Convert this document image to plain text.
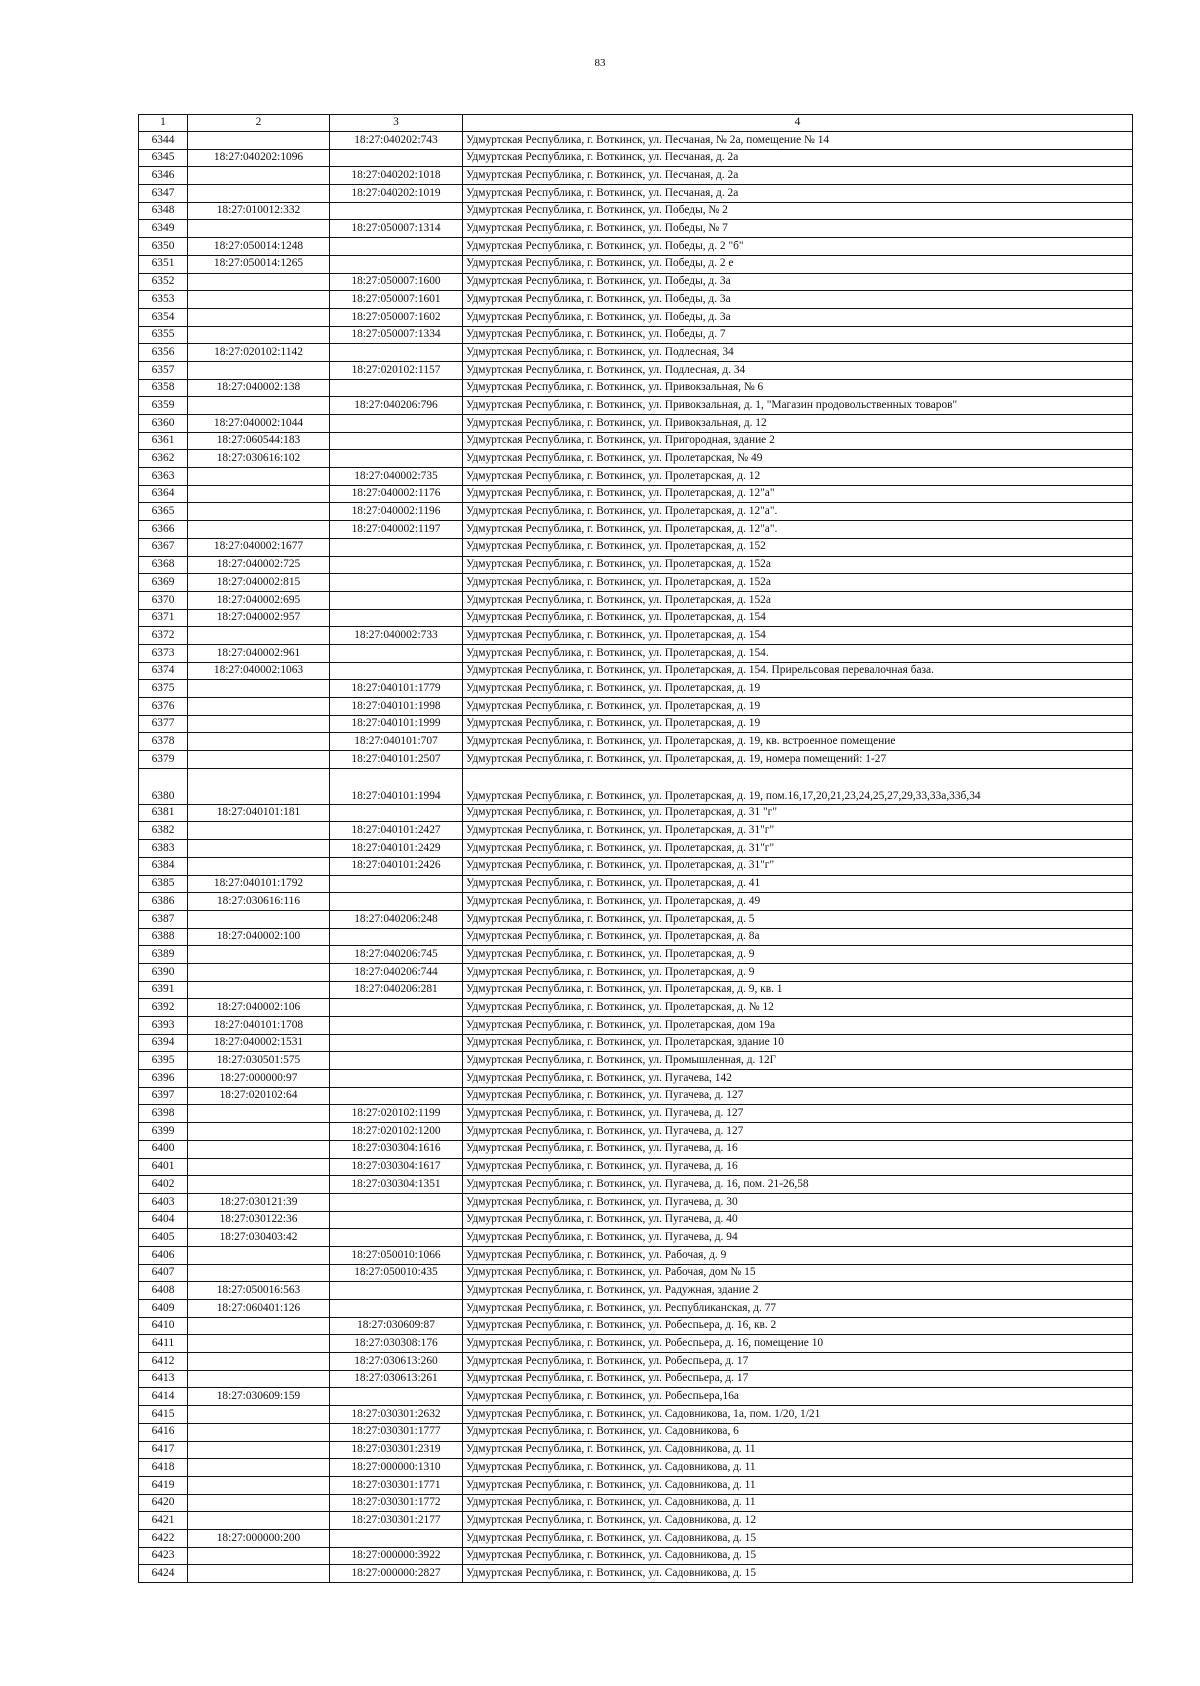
83
1	2	3	4
6344		18:27:040202:743	Удмуртская Республика, г. Воткинск, ул. Песчаная, № 2а, помещение № 14
6345	18:27:040202:1096		Удмуртская Республика, г. Воткинск, ул. Песчаная, д. 2а
6346		18:27:040202:1018	Удмуртская Республика, г. Воткинск, ул. Песчаная, д. 2а
6347		18:27:040202:1019	Удмуртская Республика, г. Воткинск, ул. Песчаная, д. 2а
6348	18:27:010012:332		Удмуртская Республика, г. Воткинск, ул. Победы, № 2
6349		18:27:050007:1314	Удмуртская Республика, г. Воткинск, ул. Победы, № 7
6350	18:27:050014:1248		Удмуртская Республика, г. Воткинск, ул. Победы, д. 2 "б"
6351	18:27:050014:1265		Удмуртская Республика, г. Воткинск, ул. Победы, д. 2 е
6352		18:27:050007:1600	Удмуртская Республика, г. Воткинск, ул. Победы, д. 3а
6353		18:27:050007:1601	Удмуртская Республика, г. Воткинск, ул. Победы, д. 3а
6354		18:27:050007:1602	Удмуртская Республика, г. Воткинск, ул. Победы, д. 3а
6355		18:27:050007:1334	Удмуртская Республика, г. Воткинск, ул. Победы, д. 7
6356	18:27:020102:1142		Удмуртская Республика, г. Воткинск, ул. Подлесная, 34
6357		18:27:020102:1157	Удмуртская Республика, г. Воткинск, ул. Подлесная, д. 34
6358	18:27:040002:138		Удмуртская Республика, г. Воткинск, ул. Привокзальная, № 6
6359		18:27:040206:796	Удмуртская Республика, г. Воткинск, ул. Привокзальная, д. 1, "Магазин продовольственных товаров"
6360	18:27:040002:1044		Удмуртская Республика, г. Воткинск, ул. Привокзальная, д. 12
6361	18:27:060544:183		Удмуртская Республика, г. Воткинск, ул. Пригородная, здание 2
6362	18:27:030616:102		Удмуртская Республика, г. Воткинск, ул. Пролетарская, № 49
6363		18:27:040002:735	Удмуртская Республика, г. Воткинск, ул. Пролетарская, д. 12
6364		18:27:040002:1176	Удмуртская Республика, г. Воткинск, ул. Пролетарская, д. 12"а"
6365		18:27:040002:1196	Удмуртская Республика, г. Воткинск, ул. Пролетарская, д. 12"а".
6366		18:27:040002:1197	Удмуртская Республика, г. Воткинск, ул. Пролетарская, д. 12"а".
6367	18:27:040002:1677		Удмуртская Республика, г. Воткинск, ул. Пролетарская, д. 152
6368	18:27:040002:725		Удмуртская Республика, г. Воткинск, ул. Пролетарская, д. 152а
6369	18:27:040002:815		Удмуртская Республика, г. Воткинск, ул. Пролетарская, д. 152а
6370	18:27:040002:695		Удмуртская Республика, г. Воткинск, ул. Пролетарская, д. 152а
6371	18:27:040002:957		Удмуртская Республика, г. Воткинск, ул. Пролетарская, д. 154
6372		18:27:040002:733	Удмуртская Республика, г. Воткинск, ул. Пролетарская, д. 154
6373	18:27:040002:961		Удмуртская Республика, г. Воткинск, ул. Пролетарская, д. 154.
6374	18:27:040002:1063		Удмуртская Республика, г. Воткинск, ул. Пролетарская, д. 154. Прирельсовая перевалочная база.
6375		18:27:040101:1779	Удмуртская Республика, г. Воткинск, ул. Пролетарская, д. 19
6376		18:27:040101:1998	Удмуртская Республика, г. Воткинск, ул. Пролетарская, д. 19
6377		18:27:040101:1999	Удмуртская Республика, г. Воткинск, ул. Пролетарская, д. 19
6378		18:27:040101:707	Удмуртская Республика, г. Воткинск, ул. Пролетарская, д. 19, кв. встроенное помещение
6379		18:27:040101:2507	Удмуртская Республика, г. Воткинск, ул. Пролетарская, д. 19, номера помещений: 1-27
6380		18:27:040101:1994	Удмуртская Республика, г. Воткинск, ул. Пролетарская, д. 19, пом.16,17,20,21,23,24,25,27,29,33,33а,33б,34
6381	18:27:040101:181		Удмуртская Республика, г. Воткинск, ул. Пролетарская, д. 31 "г"
6382		18:27:040101:2427	Удмуртская Республика, г. Воткинск, ул. Пролетарская, д. 31"г"
6383		18:27:040101:2429	Удмуртская Республика, г. Воткинск, ул. Пролетарская, д. 31"г"
6384		18:27:040101:2426	Удмуртская Республика, г. Воткинск, ул. Пролетарская, д. 31"г"
6385	18:27:040101:1792		Удмуртская Республика, г. Воткинск, ул. Пролетарская, д. 41
6386	18:27:030616:116		Удмуртская Республика, г. Воткинск, ул. Пролетарская, д. 49
6387		18:27:040206:248	Удмуртская Республика, г. Воткинск, ул. Пролетарская, д. 5
6388	18:27:040002:100		Удмуртская Республика, г. Воткинск, ул. Пролетарская, д. 8а
6389		18:27:040206:745	Удмуртская Республика, г. Воткинск, ул. Пролетарская, д. 9
6390		18:27:040206:744	Удмуртская Республика, г. Воткинск, ул. Пролетарская, д. 9
6391		18:27:040206:281	Удмуртская Республика, г. Воткинск, ул. Пролетарская, д. 9, кв. 1
6392	18:27:040002:106		Удмуртская Республика, г. Воткинск, ул. Пролетарская, д. № 12
6393	18:27:040101:1708		Удмуртская Республика, г. Воткинск, ул. Пролетарская, дом 19а
6394	18:27:040002:1531		Удмуртская Республика, г. Воткинск, ул. Пролетарская, здание 10
6395	18:27:030501:575		Удмуртская Республика, г. Воткинск, ул. Промышленная, д. 12Г
6396	18:27:000000:97		Удмуртская Республика, г. Воткинск, ул. Пугачева, 142
6397	18:27:020102:64		Удмуртская Республика, г. Воткинск, ул. Пугачева, д. 127
6398		18:27:020102:1199	Удмуртская Республика, г. Воткинск, ул. Пугачева, д. 127
6399		18:27:020102:1200	Удмуртская Республика, г. Воткинск, ул. Пугачева, д. 127
6400		18:27:030304:1616	Удмуртская Республика, г. Воткинск, ул. Пугачева, д. 16
6401		18:27:030304:1617	Удмуртская Республика, г. Воткинск, ул. Пугачева, д. 16
6402		18:27:030304:1351	Удмуртская Республика, г. Воткинск, ул. Пугачева, д. 16, пом. 21-26,58
6403	18:27:030121:39		Удмуртская Республика, г. Воткинск, ул. Пугачева, д. 30
6404	18:27:030122:36		Удмуртская Республика, г. Воткинск, ул. Пугачева, д. 40
6405	18:27:030403:42		Удмуртская Республика, г. Воткинск, ул. Пугачева, д. 94
6406		18:27:050010:1066	Удмуртская Республика, г. Воткинск, ул. Рабочая, д. 9
6407		18:27:050010:435	Удмуртская Республика, г. Воткинск, ул. Рабочая, дом № 15
6408	18:27:050016:563		Удмуртская Республика, г. Воткинск, ул. Радужная, здание 2
6409	18:27:060401:126		Удмуртская Республика, г. Воткинск, ул. Республиканская, д. 77
6410		18:27:030609:87	Удмуртская Республика, г. Воткинск, ул. Робеспьера, д. 16, кв. 2
6411		18:27:030308:176	Удмуртская Республика, г. Воткинск, ул. Робеспьера, д. 16, помещение 10
6412		18:27:030613:260	Удмуртская Республика, г. Воткинск, ул. Робеспьера, д. 17
6413		18:27:030613:261	Удмуртская Республика, г. Воткинск, ул. Робеспьера, д. 17
6414	18:27:030609:159		Удмуртская Республика, г. Воткинск, ул. Робеспьера,16а
6415		18:27:030301:2632	Удмуртская Республика, г. Воткинск, ул. Садовникова, 1а, пом. 1/20, 1/21
6416		18:27:030301:1777	Удмуртская Республика, г. Воткинск, ул. Садовникова, 6
6417		18:27:030301:2319	Удмуртская Республика, г. Воткинск, ул. Садовникова, д. 11
6418		18:27:000000:1310	Удмуртская Республика, г. Воткинск, ул. Садовникова, д. 11
6419		18:27:030301:1771	Удмуртская Республика, г. Воткинск, ул. Садовникова, д. 11
6420		18:27:030301:1772	Удмуртская Республика, г. Воткинск, ул. Садовникова, д. 11
6421		18:27:030301:2177	Удмуртская Республика, г. Воткинск, ул. Садовникова, д. 12
6422	18:27:000000:200		Удмуртская Республика, г. Воткинск, ул. Садовникова, д. 15
6423		18:27:000000:3922	Удмуртская Республика, г. Воткинск, ул. Садовникова, д. 15
6424		18:27:000000:2827	Удмуртская Республика, г. Воткинск, ул. Садовникова, д. 15
